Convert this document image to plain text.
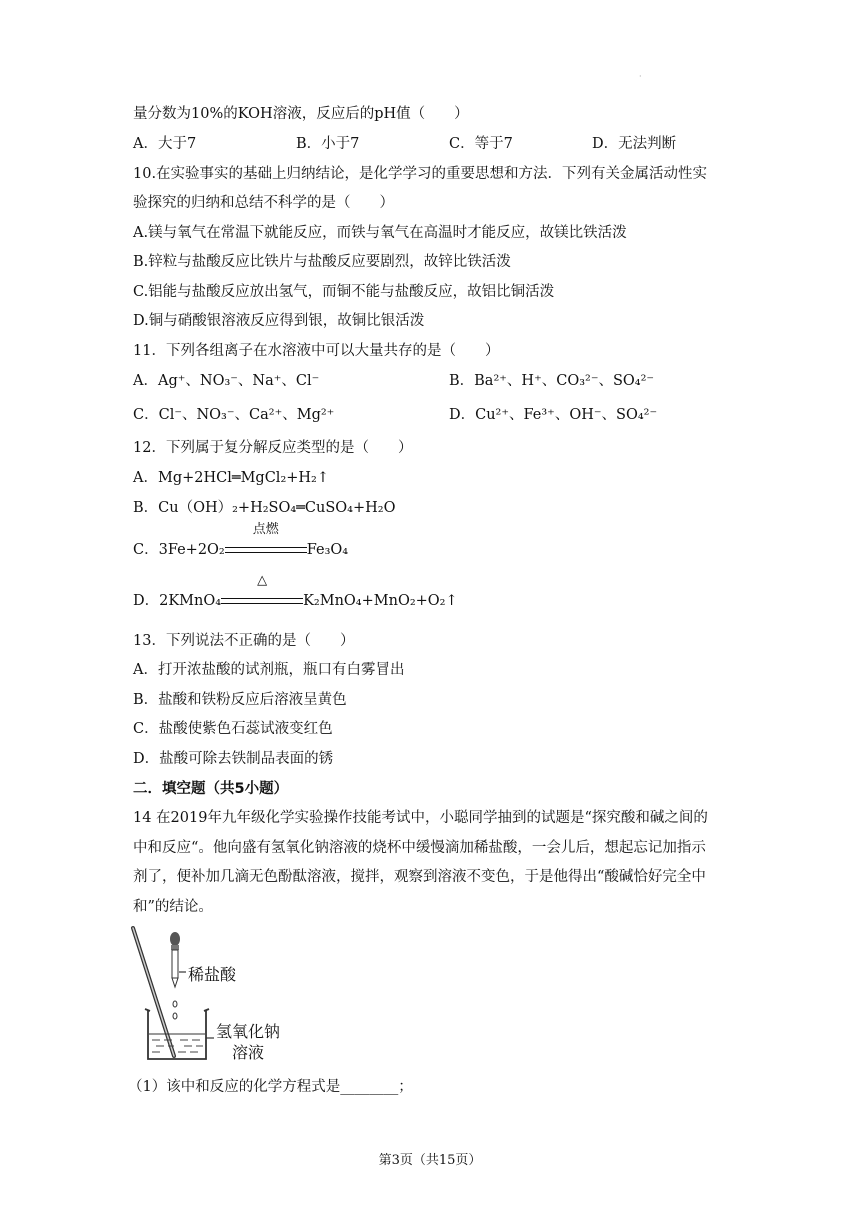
·
量分数为10%的KOH溶液，反应后的pH值（　　）
A．大于7	B．小于7	C．等于7	D．无法判断
10.在实验事实的基础上归纳结论，是化学学习的重要思想和方法．下列有关金属活动性实
验探究的归纳和总结不科学的是（　　）
A.镁与氧气在常温下就能反应，而铁与氧气在高温时才能反应，故镁比铁活泼
B.锌粒与盐酸反应比铁片与盐酸反应要剧烈，故锌比铁活泼
C.铝能与盐酸反应放出氢气，而铜不能与盐酸反应，故铝比铜活泼
D.铜与硝酸银溶液反应得到银，故铜比银活泼
11．下列各组离子在水溶液中可以大量共存的是（　　）
A．Ag⁺、NO₃⁻、Na⁺、Cl⁻	B．Ba²⁺、H⁺、CO₃²⁻、SO₄²⁻
C．Cl⁻、NO₃⁻、Ca²⁺、Mg²⁺	D．Cu²⁺、Fe³⁺、OH⁻、SO₄²⁻
12．下列属于复分解反应类型的是（　　）
A．Mg+2HCl═MgCl₂+H₂↑
B．Cu（OH）₂+H₂SO₄═CuSO₄+H₂O
C．3Fe+2O₂
点燃
Fe₃O₄
D．2KMnO₄
△
K₂MnO₄+MnO₂+O₂↑
13．下列说法不正确的是（　　）
A．打开浓盐酸的试剂瓶，瓶口有白雾冒出
B．盐酸和铁粉反应后溶液呈黄色
C．盐酸使紫色石蕊试液变红色
D．盐酸可除去铁制品表面的锈
二．填空题（共5小题）
14 在2019年九年级化学实验操作技能考试中，小聪同学抽到的试题是“探究酸和碱之间的
中和反应“。他向盛有氢氧化钠溶液的烧杯中缓慢滴加稀盐酸，一会儿后，想起忘记加指示
剂了，便补加几滴无色酚酞溶液，搅拌，观察到溶液不变色，于是他得出“酸碱恰好完全中
和”的结论。
稀盐酸
氢氧化钠
溶液
（1）该中和反应的化学方程式是________；
第3页（共15页）
